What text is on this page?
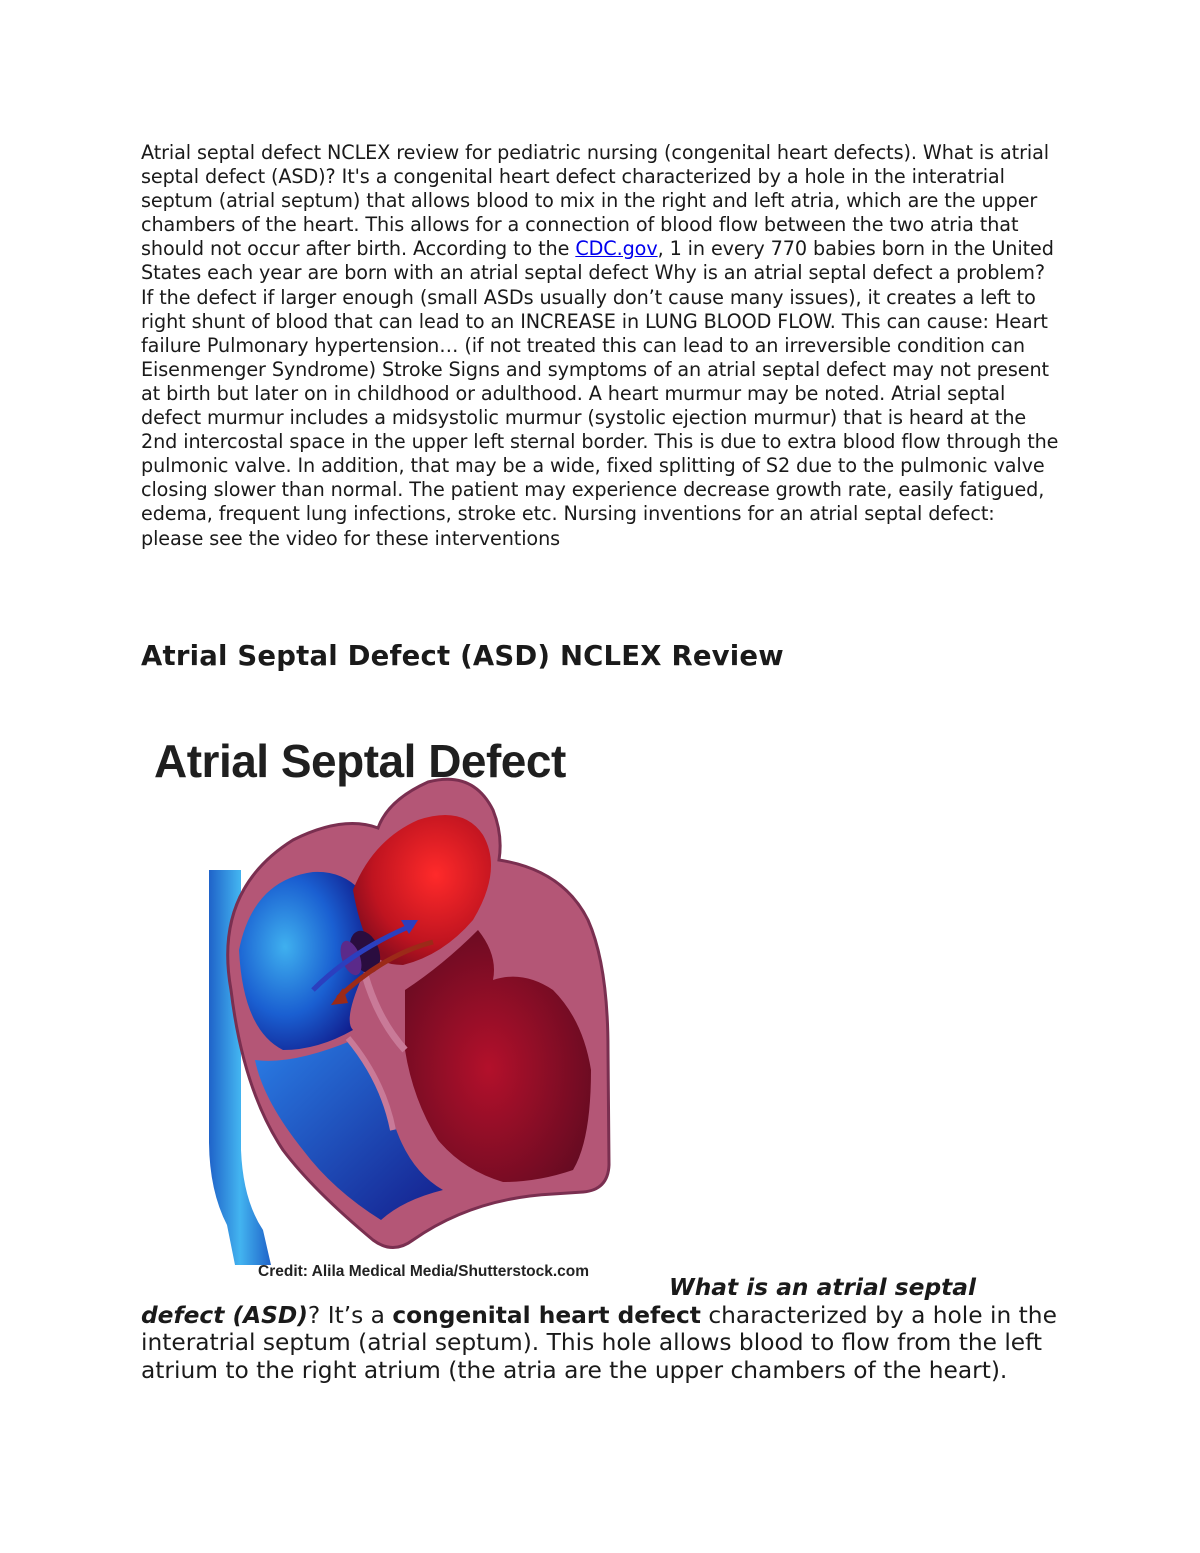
Atrial septal defect NCLEX review for pediatric nursing (congenital heart defects). What is atrial septal defect (ASD)? It's a congenital heart defect characterized by a hole in the interatrial septum (atrial septum) that allows blood to mix in the right and left atria, which are the upper chambers of the heart. This allows for a connection of blood flow between the two atria that should not occur after birth. According to the CDC.gov, 1 in every 770 babies born in the United States each year are born with an atrial septal defect Why is an atrial septal defect a problem? If the defect if larger enough (small ASDs usually don’t cause many issues), it creates a left to right shunt of blood that can lead to an INCREASE in LUNG BLOOD FLOW. This can cause: Heart failure Pulmonary hypertension… (if not treated this can lead to an irreversible condition can Eisenmenger Syndrome) Stroke Signs and symptoms of an atrial septal defect may not present at birth but later on in childhood or adulthood. A heart murmur may be noted. Atrial septal defect murmur includes a midsystolic murmur (systolic ejection murmur) that is heard at the 2nd intercostal space in the upper left sternal border. This is due to extra blood flow through the pulmonic valve. In addition, that may be a wide, fixed splitting of S2 due to the pulmonic valve closing slower than normal. The patient may experience decrease growth rate, easily fatigued, edema, frequent lung infections, stroke etc. Nursing inventions for an atrial septal defect: please see the video for these interventions

Atrial Septal Defect (ASD) NCLEX Review
Atrial Septal Defect

Credit: Alila Medical Media/Shutterstock.com

What is an atrial septal
defect (ASD)? It’s a congenital heart defect characterized by a hole in the interatrial septum (atrial septum). This hole allows blood to flow from the left atrium to the right atrium (the atria are the upper chambers of the heart).
